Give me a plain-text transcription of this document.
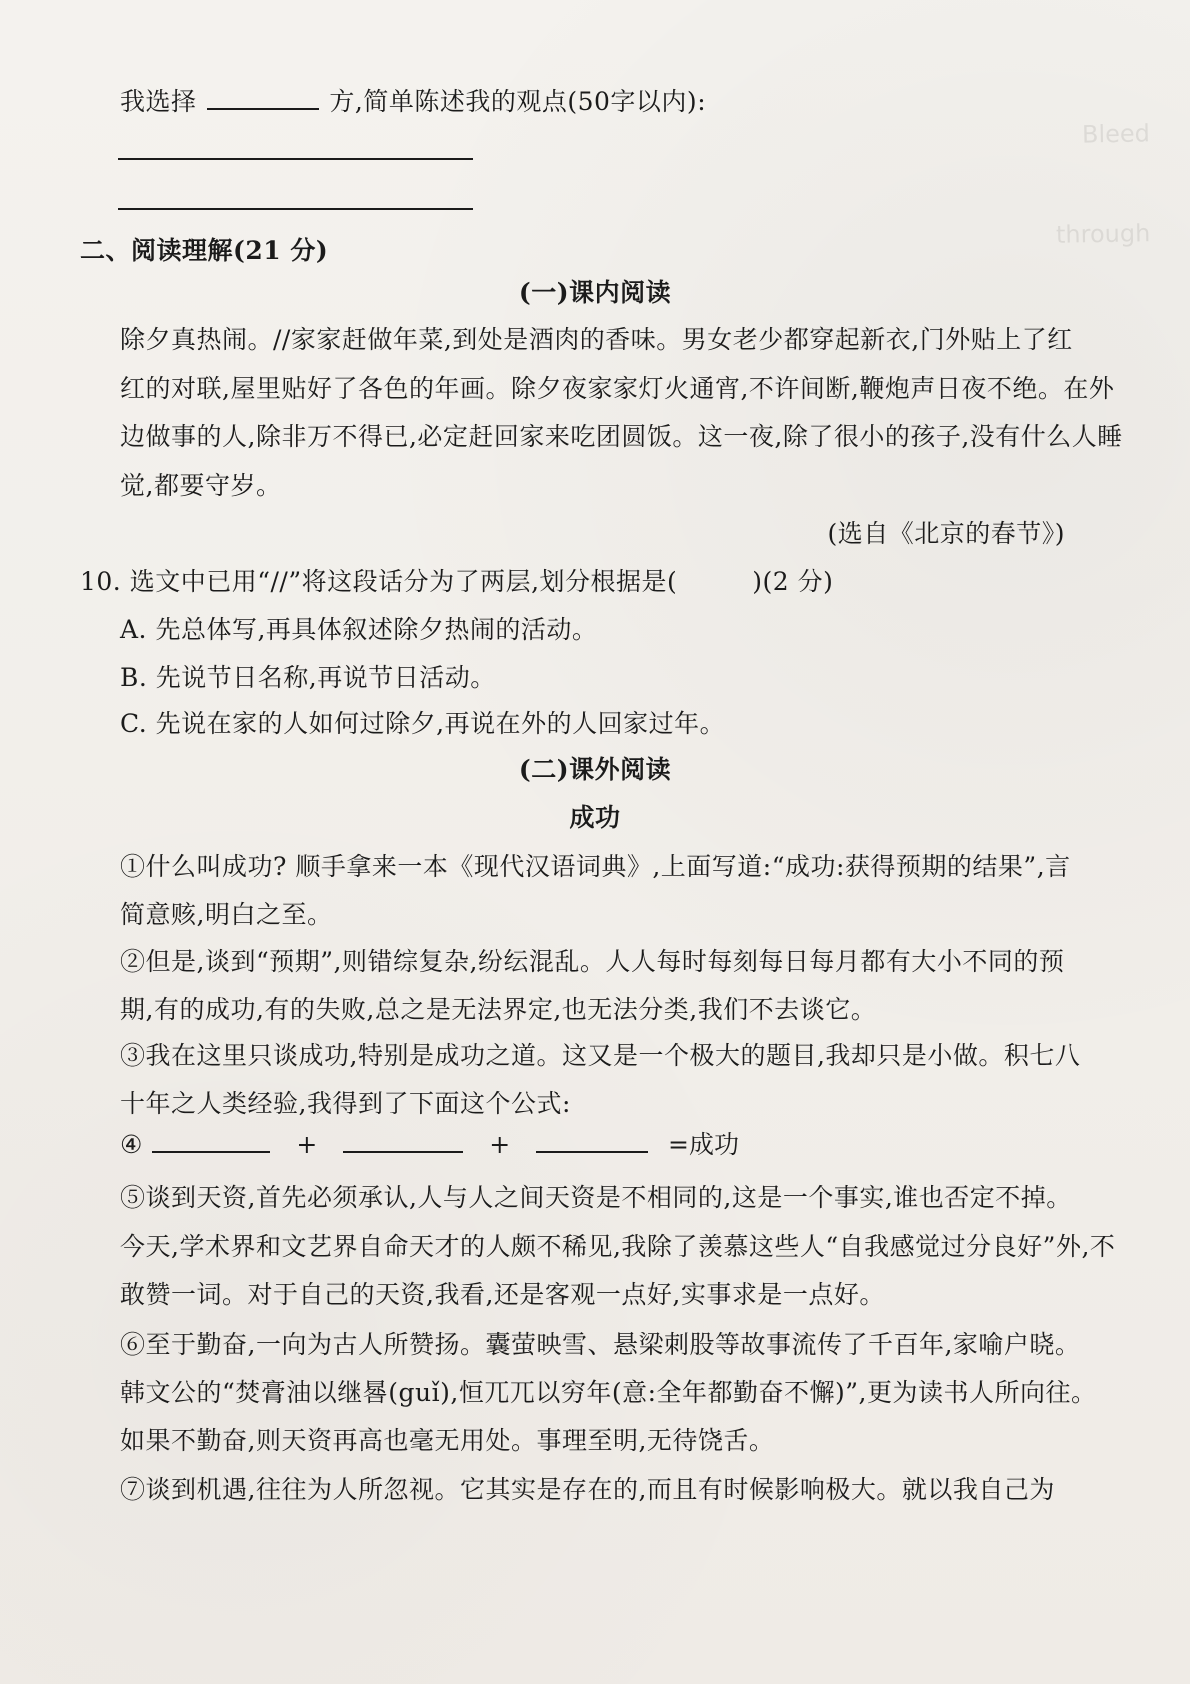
Bleed
through
我选择	方,简单陈述我的观点(50字以内):
二、阅读理解(21 分)
(一)课内阅读
除夕真热闹。//家家赶做年菜,到处是酒肉的香味。男女老少都穿起新衣,门外贴上了红
红的对联,屋里贴好了各色的年画。除夕夜家家灯火通宵,不许间断,鞭炮声日夜不绝。在外
边做事的人,除非万不得已,必定赶回家来吃团圆饭。这一夜,除了很小的孩子,没有什么人睡
觉,都要守岁。
(选自《北京的春节》)
10. 选文中已用“//”将这段话分为了两层,划分根据是(	)(2 分)
A. 先总体写,再具体叙述除夕热闹的活动。
B. 先说节日名称,再说节日活动。
C. 先说在家的人如何过除夕,再说在外的人回家过年。
(二)课外阅读
成功
①什么叫成功? 顺手拿来一本《现代汉语词典》,上面写道:“成功:获得预期的结果”,言
简意赅,明白之至。
②但是,谈到“预期”,则错综复杂,纷纭混乱。人人每时每刻每日每月都有大小不同的预
期,有的成功,有的失败,总之是无法界定,也无法分类,我们不去谈它。
③我在这里只谈成功,特别是成功之道。这又是一个极大的题目,我却只是小做。积七八
十年之人类经验,我得到了下面这个公式:
④	+	+	=成功
⑤谈到天资,首先必须承认,人与人之间天资是不相同的,这是一个事实,谁也否定不掉。
今天,学术界和文艺界自命天才的人颇不稀见,我除了羡慕这些人“自我感觉过分良好”外,不
敢赞一词。对于自己的天资,我看,还是客观一点好,实事求是一点好。
⑥至于勤奋,一向为古人所赞扬。囊萤映雪、悬梁刺股等故事流传了千百年,家喻户晓。
韩文公的“焚膏油以继晷(guǐ),恒兀兀以穷年(意:全年都勤奋不懈)”,更为读书人所向往。
如果不勤奋,则天资再高也毫无用处。事理至明,无待饶舌。
⑦谈到机遇,往往为人所忽视。它其实是存在的,而且有时候影响极大。就以我自己为
